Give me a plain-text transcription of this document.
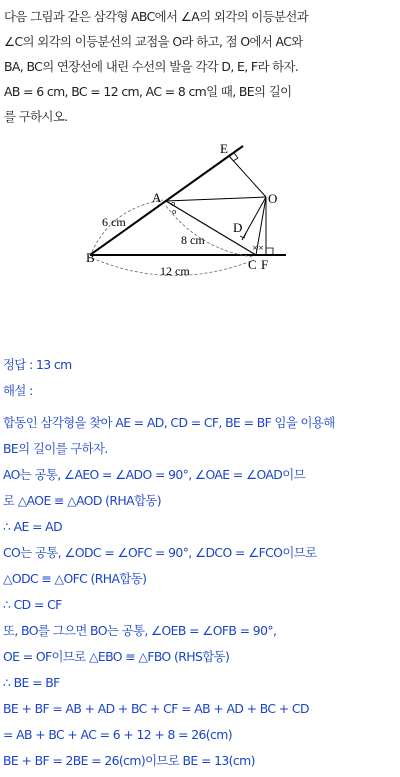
다음 그림과 같은 삼각형 ABC에서 ∠A의 외각의 이등분선과

∠C의 외각의 이등분선의 교점을 O라 하고, 점 O에서 AC와

BA, BC의 연장선에 내린 수선의 발을 각각 D, E, F라 하자.

AB = 6 cm, BC = 12 cm, AC = 8 cm일 때, BE의 길이

를 구하시오.

o
o
× ×
E
O
A
D
B	C F
6 cm
8 cm
12 cm

정답 : 13 cm

해설 :

합동인 삼각형을 찾아 AE = AD, CD = CF, BE = BF 임을 이용해

BE의 길이를 구하자.

AO는 공통, ∠AEO = ∠ADO = 90°, ∠OAE = ∠OAD이므

로 △AOE ≡ △AOD (RHA합동)

∴ AE = AD

CO는 공통, ∠ODC = ∠OFC = 90°, ∠DCO = ∠FCO이므로

△ODC ≡ △OFC (RHA합동)

∴ CD = CF

또, BO를 그으면 BO는 공통, ∠OEB = ∠OFB = 90°,

OE = OF이므로 △EBO ≡ △FBO (RHS합동)

∴ BE = BF

BE + BF = AB + AD + BC + CF = AB + AD + BC + CD

= AB + BC + AC = 6 + 12 + 8 = 26(cm)

BE + BF = 2BE = 26(cm)이므로 BE = 13(cm)
